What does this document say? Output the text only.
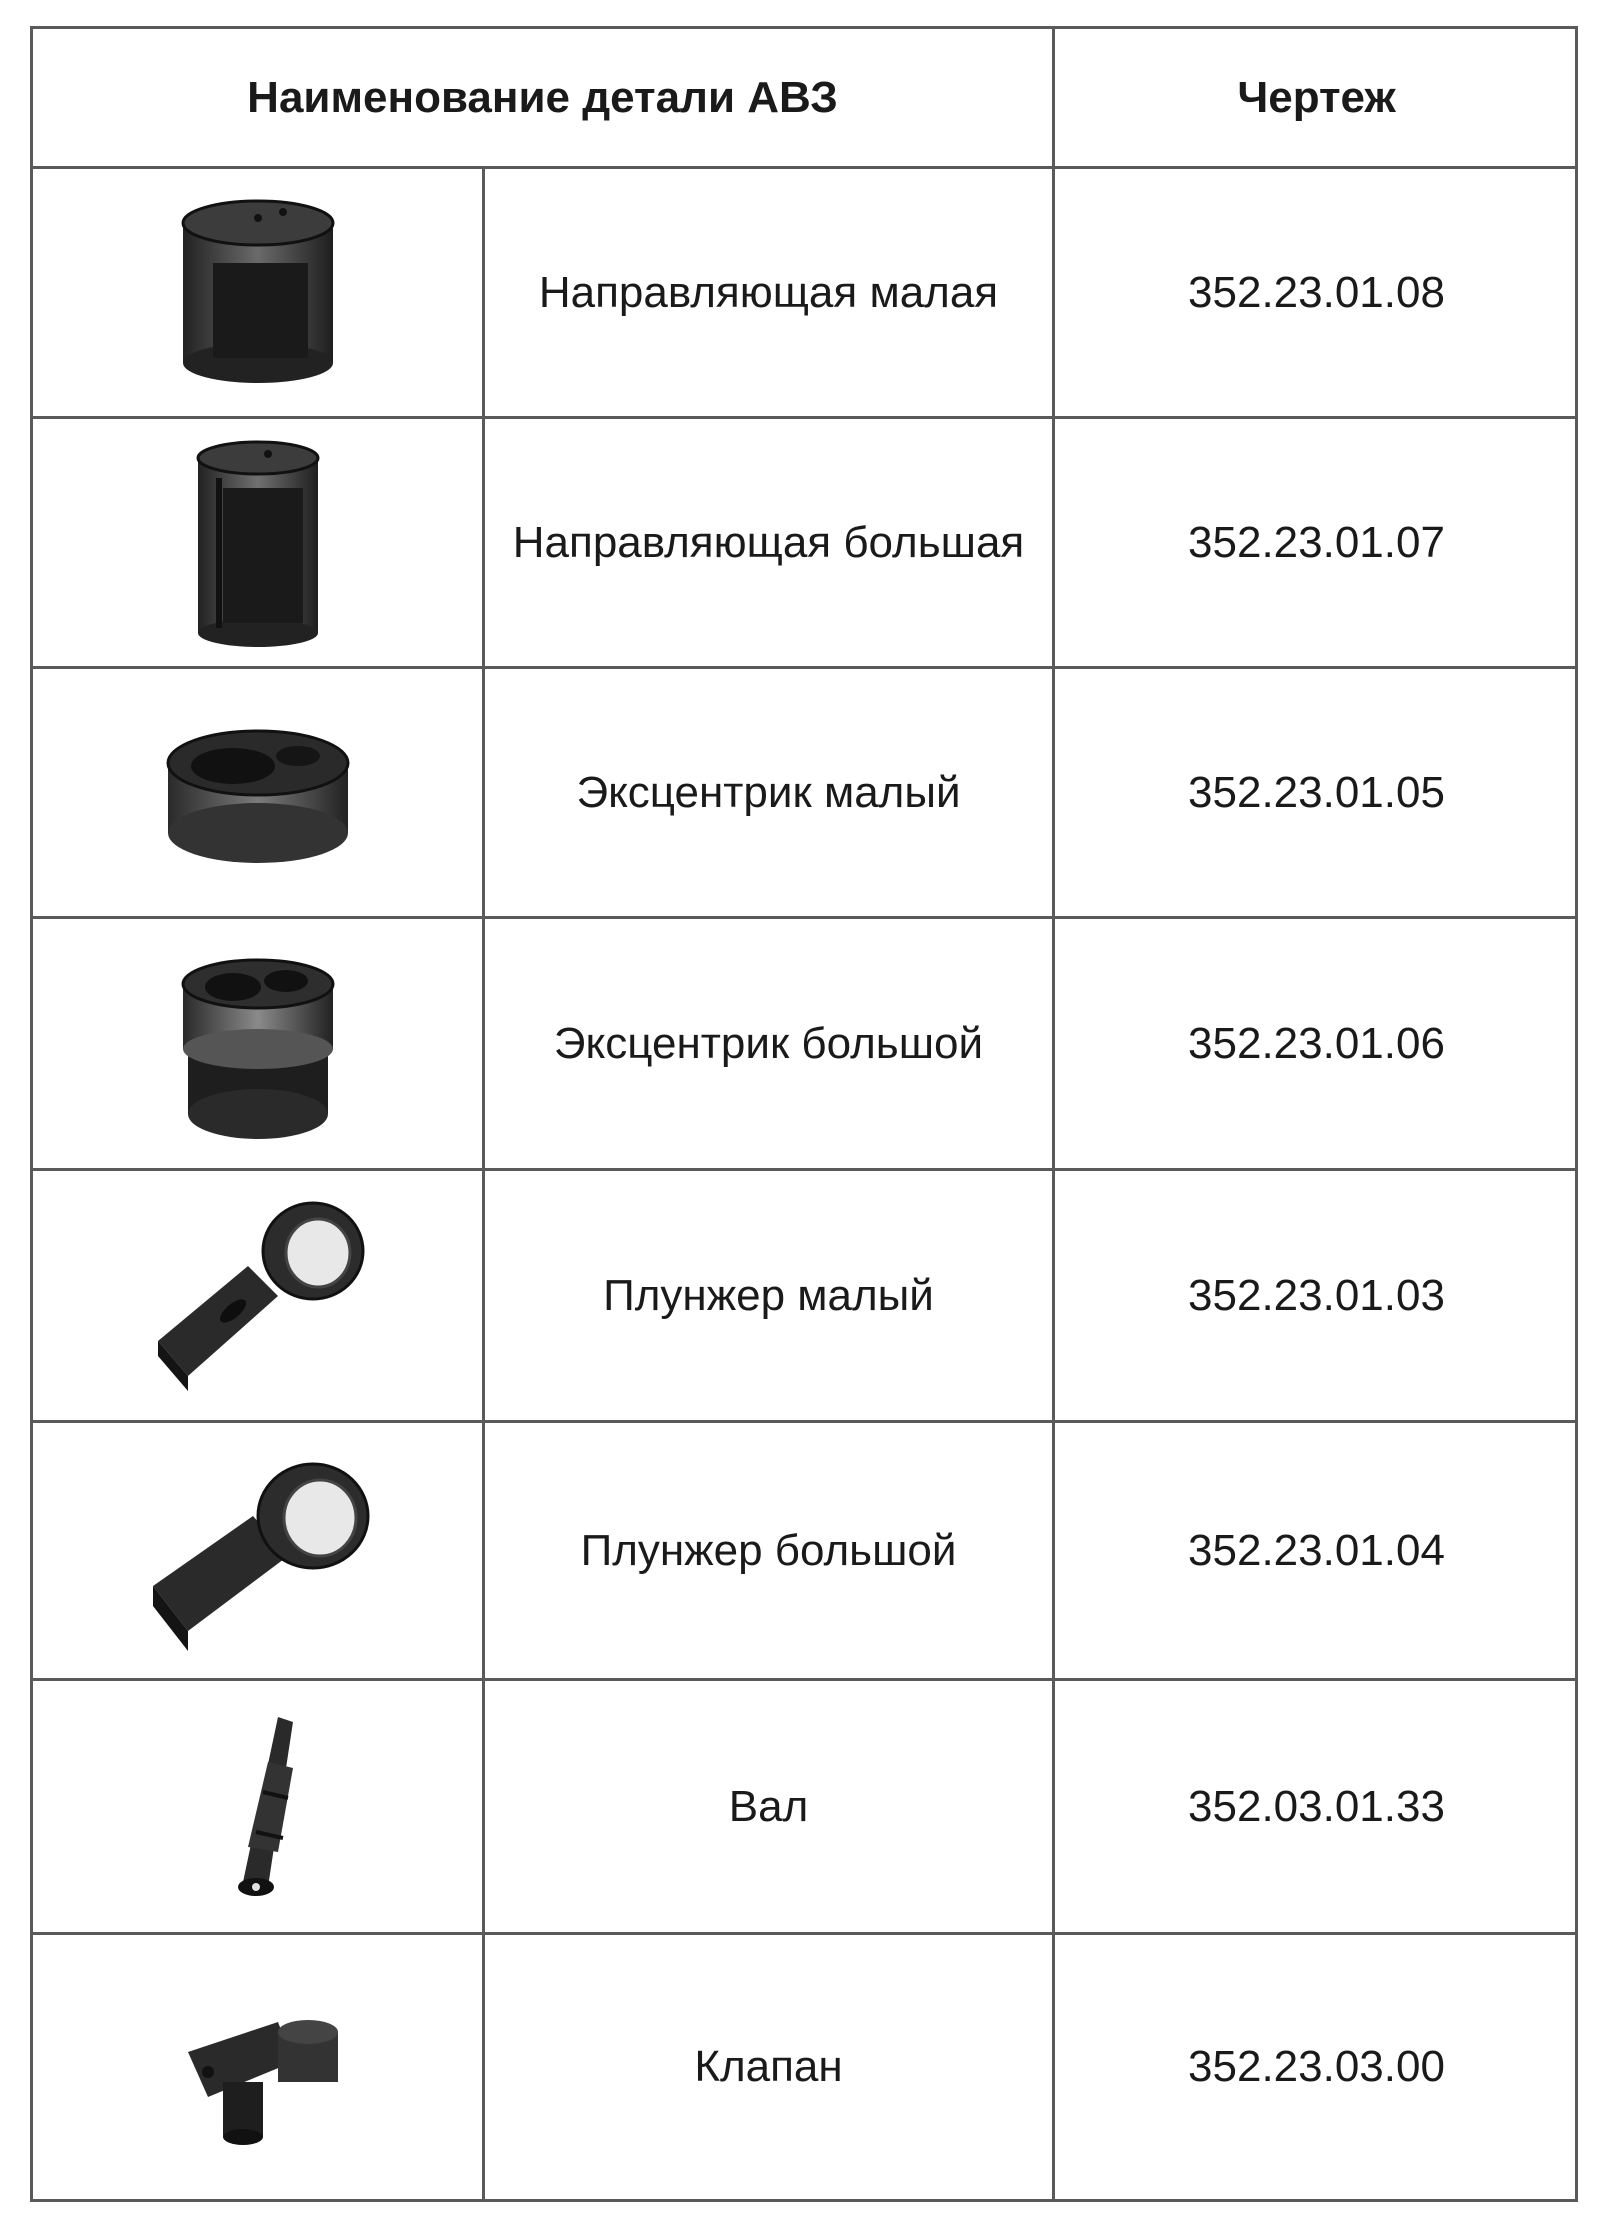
Наименование детали АВЗ	Чертеж
Направляющая малая	352.23.01.08
Направляющая большая	352.23.01.07
Эксцентрик малый	352.23.01.05
Эксцентрик большой	352.23.01.06
Плунжер малый	352.23.01.03
Плунжер большой	352.23.01.04
Вал	352.03.01.33
Клапан	352.23.03.00
